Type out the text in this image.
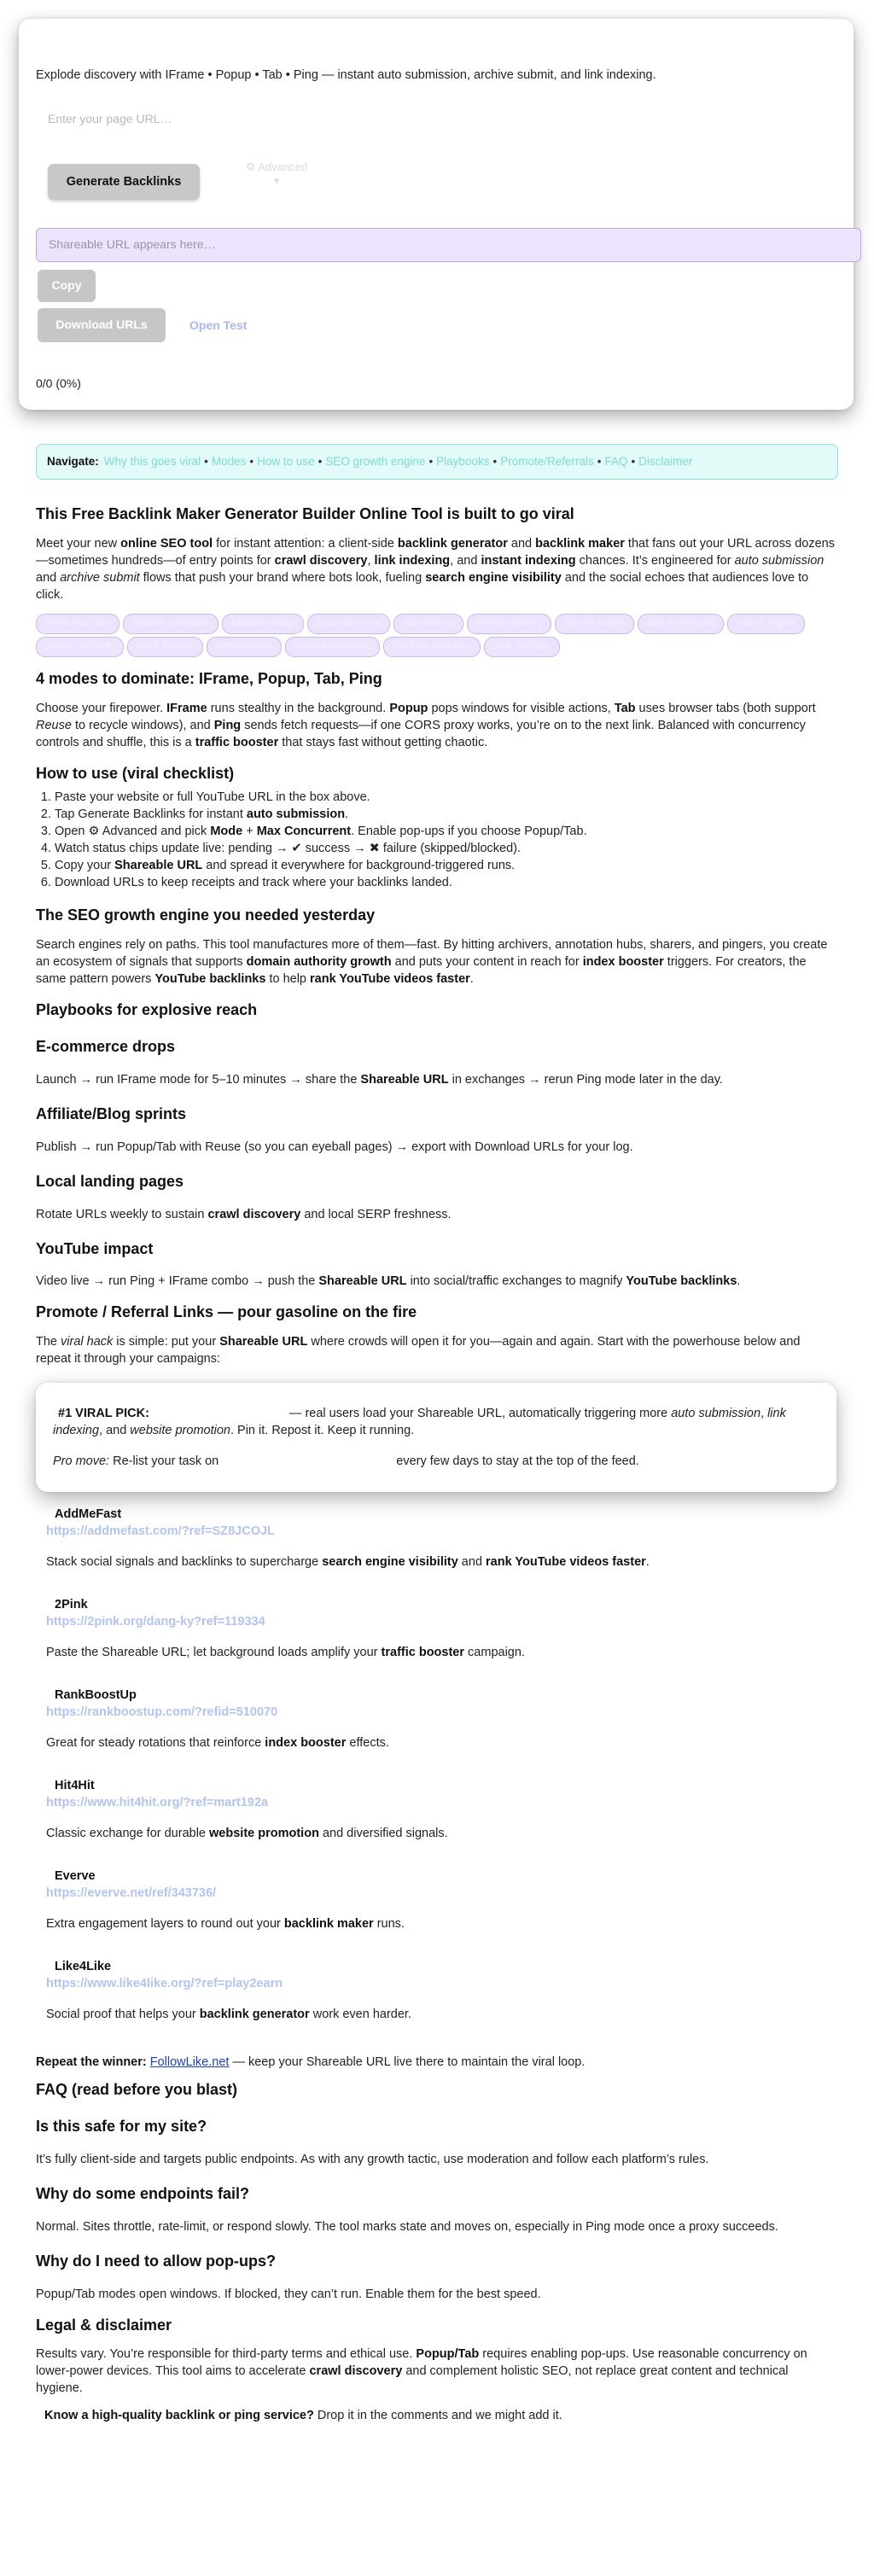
Explode discovery with IFrame • Popup • Tab • Ping — instant auto submission, archive submit, and link indexing.
Enter your page URL…
Generate Backlinks
⚙ Advanced
▾
Shareable URL appears here…
Copy
Download URLs	Open Test
0/0 (0%)
Navigate: Why this goes viral • Modes • How to use • SEO growth engine • Playbooks • Promote/Referrals • FAQ • Disclaimer
This Free Backlink Maker Generator Builder Online Tool is built to go viral

Meet your new online SEO tool for instant attention: a client-side backlink generator and backlink maker that fans out your URL across dozens—sometimes hundreds—of entry points for crawl discovery, link indexing, and instant indexing chances. It’s engineered for auto submission and archive submit flows that push your brand where bots look, fueling search engine visibility and the social echoes that audiences love to click.

online SEO tool	backlink generator	backlink maker	crawl discovery	link indexing	instant indexing	archive submit	auto submission	search engine
domain authority	traffic booster	index booster	website promotion	YouTube backlinks	rank YouTube
4 modes to dominate: IFrame, Popup, Tab, Ping

Choose your firepower. IFrame runs stealthy in the background. Popup pops windows for visible actions, Tab uses browser tabs (both support Reuse to recycle windows), and Ping sends fetch requests—if one CORS proxy works, you’re on to the next link. Balanced with concurrency controls and shuffle, this is a traffic booster that stays fast without getting chaotic.

How to use (viral checklist)
1. Paste your website or full YouTube URL in the box above.
2. Tap Generate Backlinks for instant auto submission.
3. Open ⚙ Advanced and pick Mode + Max Concurrent. Enable pop-ups if you choose Popup/Tab.
4. Watch status chips update live: pending → ✔ success → ✖ failure (skipped/blocked).
5. Copy your Shareable URL and spread it everywhere for background-triggered runs.
6. Download URLs to keep receipts and track where your backlinks landed.
The SEO growth engine you needed yesterday

Search engines rely on paths. This tool manufactures more of them—fast. By hitting archivers, annotation hubs, sharers, and pingers, you create an ecosystem of signals that supports domain authority growth and puts your content in reach for index booster triggers. For creators, the same pattern powers YouTube backlinks to help rank YouTube videos faster.

Playbooks for explosive reach
E-commerce drops

Launch → run IFrame mode for 5–10 minutes → share the Shareable URL in exchanges → rerun Ping mode later in the day.

Affiliate/Blog sprints

Publish → run Popup/Tab with Reuse (so you can eyeball pages) → export with Download URLs for your log.

Local landing pages

Rotate URLs weekly to sustain crawl discovery and local SERP freshness.

YouTube impact

Video live → run Ping + IFrame combo → push the Shareable URL into social/traffic exchanges to magnify YouTube backlinks.

Promote / Referral Links — pour gasoline on the fire

The viral hack is simple: put your Shareable URL where crowds will open it for you—again and again. Start with the powerhouse below and repeat it through your campaigns:

#1 VIRAL PICK:	— real users load your Shareable URL, automatically triggering more auto submission, link indexing, and website promotion. Pin it. Repost it. Keep it running.

Pro move: Re-list your task on	every few days to stay at the top of the feed.

AddMeFast
https://addmefast.com/?ref=SZ8JCOJL
Stack social signals and backlinks to supercharge search engine visibility and rank YouTube videos faster.
2Pink
https://2pink.org/dang-ky?ref=119334
Paste the Shareable URL; let background loads amplify your traffic booster campaign.
RankBoostUp
https://rankboostup.com/?refid=510070
Great for steady rotations that reinforce index booster effects.
Hit4Hit
https://www.hit4hit.org/?ref=mart192a
Classic exchange for durable website promotion and diversified signals.
Everve
https://everve.net/ref/343736/
Extra engagement layers to round out your backlink maker runs.
Like4Like
https://www.like4like.org/?ref=play2earn
Social proof that helps your backlink generator work even harder.

Repeat the winner: FollowLike.net — keep your Shareable URL live there to maintain the viral loop.

FAQ (read before you blast)
Is this safe for my site?

It’s fully client-side and targets public endpoints. As with any growth tactic, use moderation and follow each platform’s rules.

Why do some endpoints fail?

Normal. Sites throttle, rate-limit, or respond slowly. The tool marks state and moves on, especially in Ping mode once a proxy succeeds.

Why do I need to allow pop-ups?

Popup/Tab modes open windows. If blocked, they can’t run. Enable them for the best speed.

Legal & disclaimer

Results vary. You’re responsible for third-party terms and ethical use. Popup/Tab requires enabling pop-ups. Use reasonable concurrency on lower-power devices. This tool aims to accelerate crawl discovery and complement holistic SEO, not replace great content and technical hygiene.

Know a high-quality backlink or ping service? Drop it in the comments and we might add it.
